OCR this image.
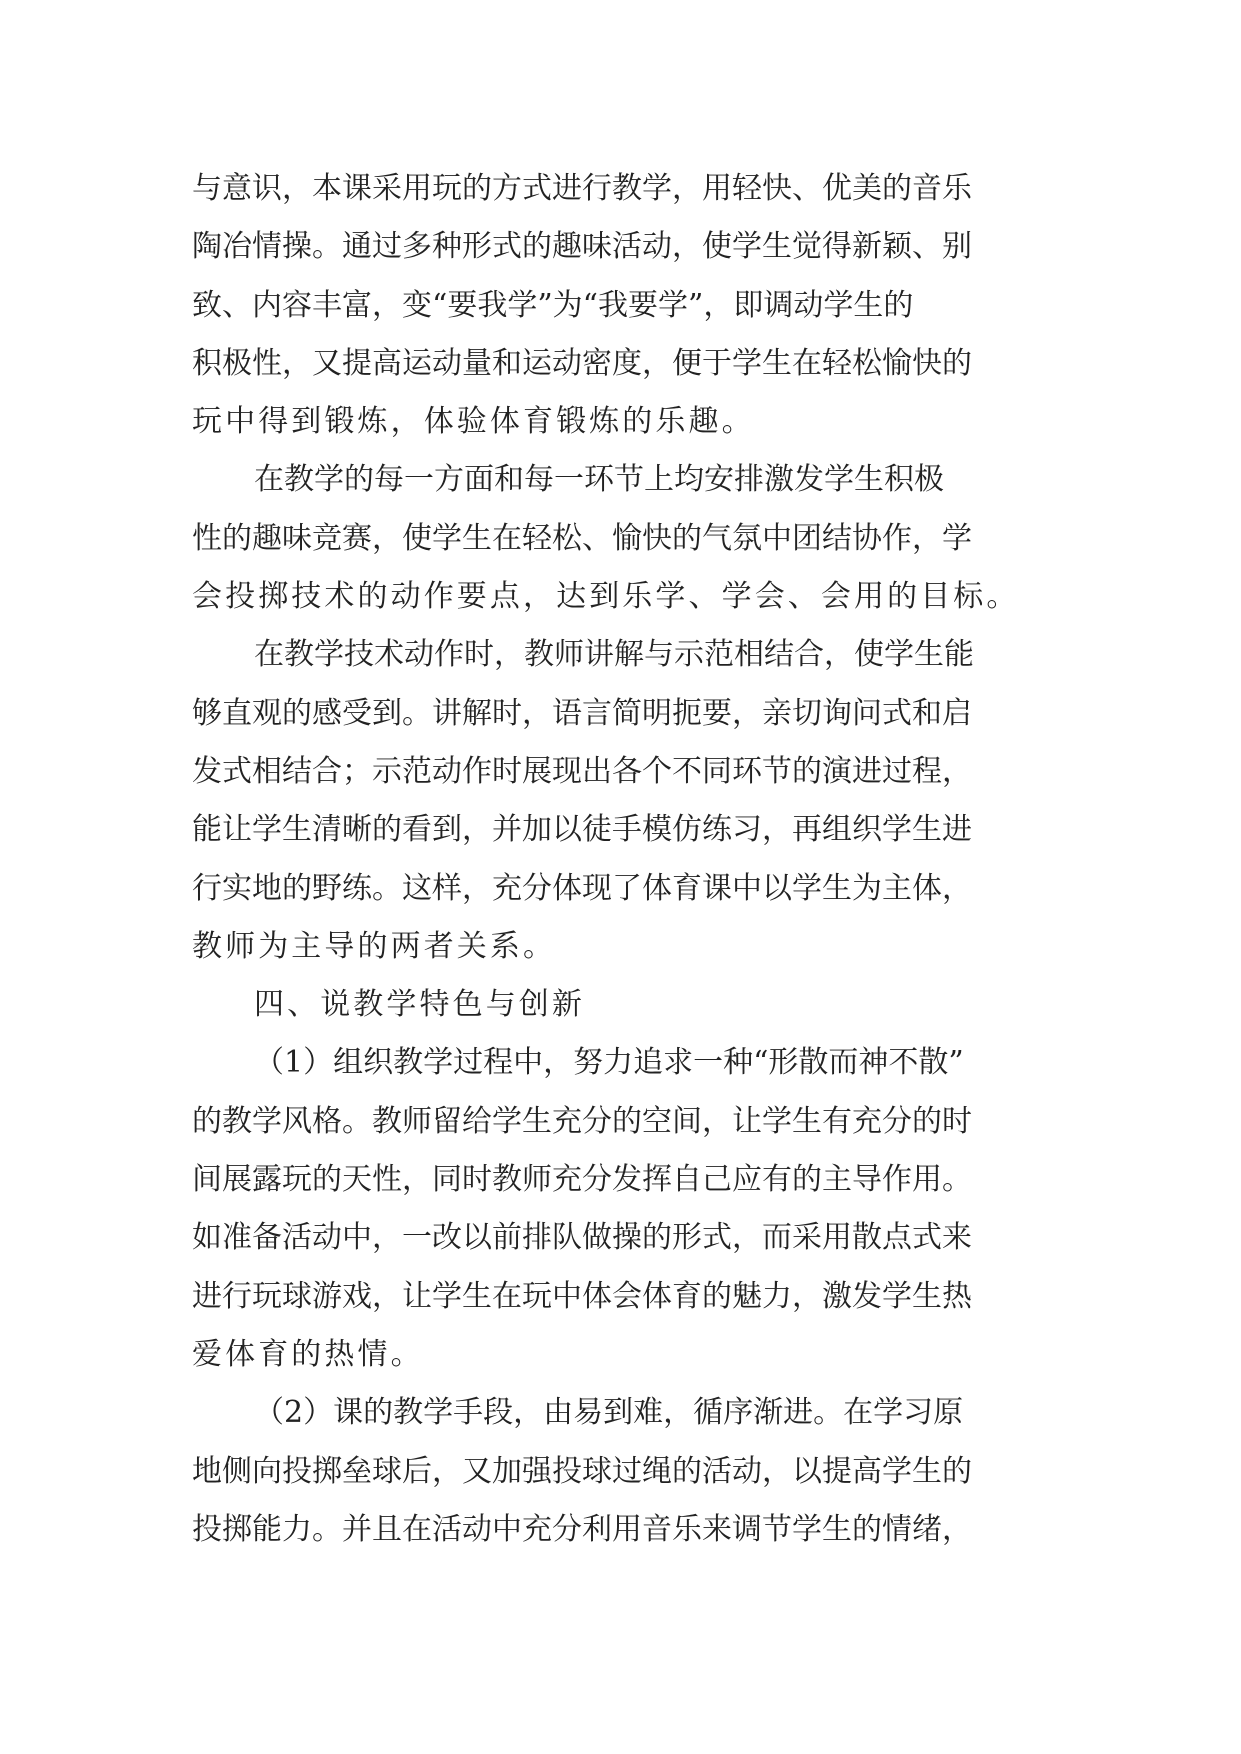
与意识，本课采用玩的方式进行教学，用轻快、优美的音乐
陶冶情操。通过多种形式的趣味活动，使学生觉得新颖、别
致、内容丰富，变“要我学”为“我要学”，即调动学生的
积极性，又提高运动量和运动密度，便于学生在轻松愉快的
玩中得到锻炼，体验体育锻炼的乐趣。
在教学的每一方面和每一环节上均安排激发学生积极
性的趣味竞赛，使学生在轻松、愉快的气氛中团结协作，学
会投掷技术的动作要点，达到乐学、学会、会用的目标。
在教学技术动作时，教师讲解与示范相结合，使学生能
够直观的感受到。讲解时，语言简明扼要，亲切询问式和启
发式相结合；示范动作时展现出各个不同环节的演进过程，
能让学生清晰的看到，并加以徒手模仿练习，再组织学生进
行实地的野练。这样，充分体现了体育课中以学生为主体，
教师为主导的两者关系。
四、说教学特色与创新
（1）组织教学过程中，努力追求一种“形散而神不散”
的教学风格。教师留给学生充分的空间，让学生有充分的时
间展露玩的天性，同时教师充分发挥自己应有的主导作用。
如准备活动中，一改以前排队做操的形式，而采用散点式来
进行玩球游戏，让学生在玩中体会体育的魅力，激发学生热
爱体育的热情。
（2）课的教学手段，由易到难，循序渐进。在学习原
地侧向投掷垒球后，又加强投球过绳的活动，以提高学生的
投掷能力。并且在活动中充分利用音乐来调节学生的情绪，
